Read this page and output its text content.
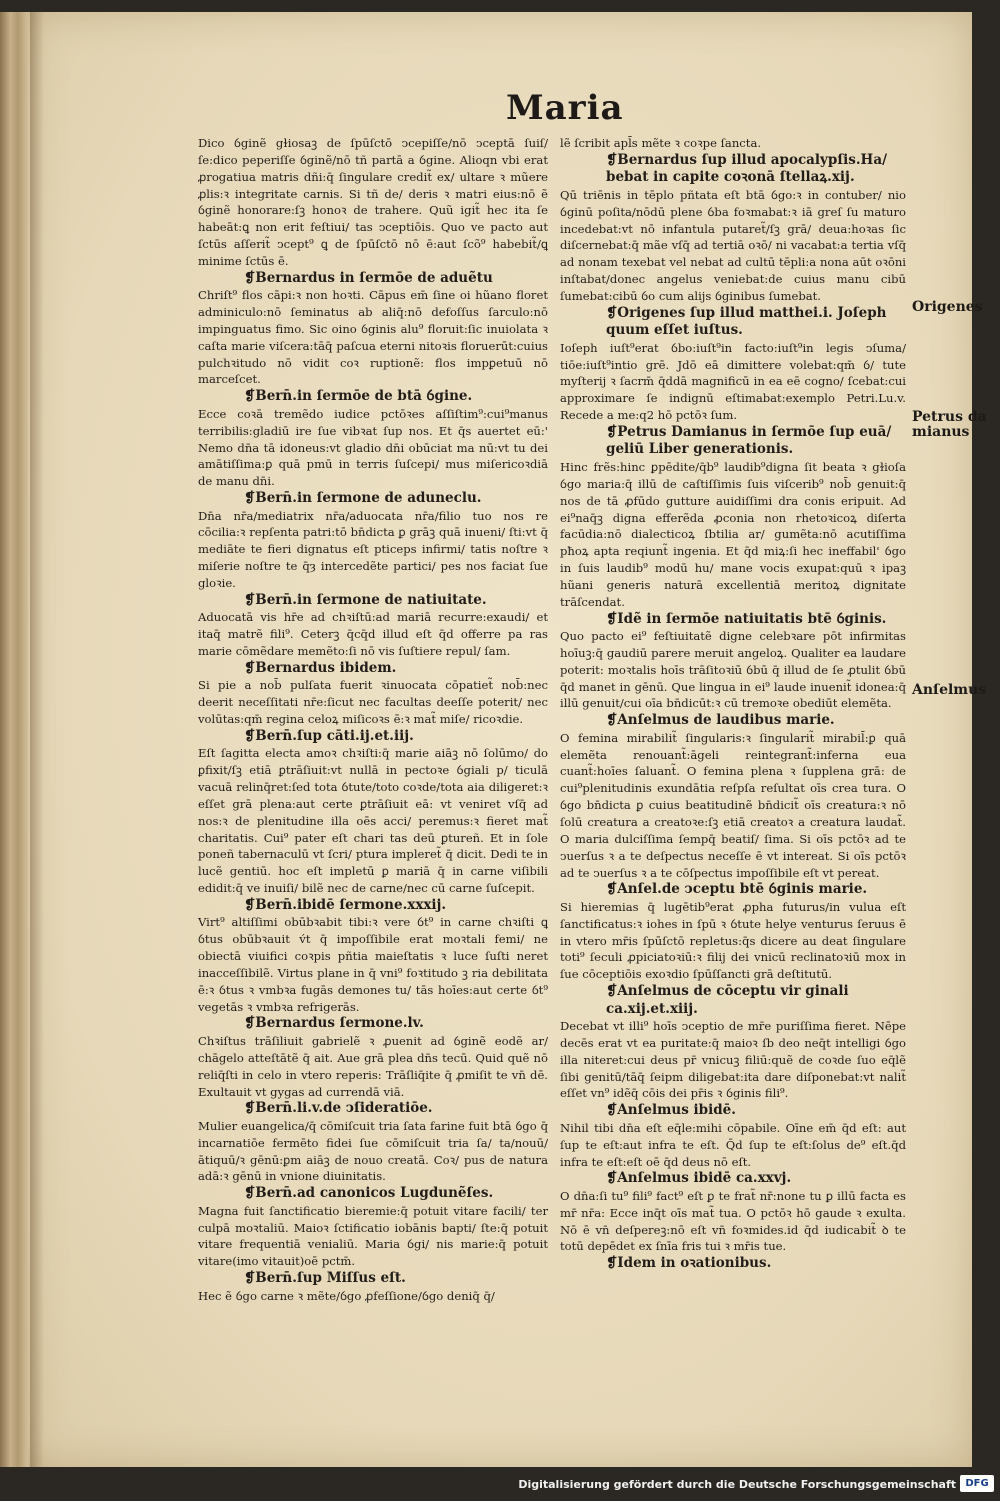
Maria

Dico ỽginẽ gɫiosaꝫ de ſpūſctō ↄcepiſſe/nō ↄceptā ſuiſ/ ſe:dico peperiſſe ỽginẽ/nō tñ partā a ỽgine. Alioqn vbi erat ꝓrogatiua matris dñi:q̄ ſingulare credit̃ ex/ ultare ꝛ mũere ꝓlis:ꝛ integritate carnis. Si tñ de/ deris ꝛ matri eius:nō ẽ ỽginẽ honorare:ſꝫ honoꝛ de trahere. Quũ igit̃ hec ita ſe habeāt:ꝗ non erit feſtiui/ tas ↄceptiōis. Quo ve pacto aut ſctūs aſſerit̃ ↄcept⁹ ꝗ de ſpūſctō nō ē:aut ſcõ⁹ habebit̃/ꝗ minime ſctūs ē.

❡Bernardus in ſermōe de aduẽtu

Chriſt⁹ flos cāpi:ꝛ non hoꝛti. Cāpus em̄ ſine oi hũano floret adminiculo:nō ſeminatus ab aliq̄:nō defoſſus ſarculo:nō impinguatus fimo. Sic oino ỽginis alu⁹ floruit:ſic inuiolata ꝛ caſta marie viſcera:tāq̄ paſcua eterni nitoꝛis floruerūt:cuius pulchꝛitudo nō vidit coꝛ ruptionẽ: flos impꝑetuū nō marceſcet.

❡Bern̄.in ſermōe de btā ỽgine.

Ecce coꝛā tremẽdo iudice pctōꝛes aſſiſtim⁹:cui⁹manus terribilis:gladiū ire ſue vibꝛat ſup nos. Et q̄s auertet eū:' Nemo dn̄a tā idoneus:vt gladio dn̄i obūciat ma nū:vt tu dei amātiſſima:ꝑ quā pmū in terris ſuſcepi/ mus miſericoꝛdiā de manu dn̄i.

❡Bern̄.in ſermone de aduneclu.

Dn̄a nr̄a/mediatrix nr̄a/aduocata nr̄a/filio tuo nos re cōcilia:ꝛ repſenta patri:tō bn̄dicta ꝑ grāꝫ quā inueni/ ſti:vt q̄ mediāte te fieri dignatus eſt pticeps infirmi/ tatis noſtre ꝛ miſerie noſtre te q̄ȝ intercedẽte partici/ pes nos faciat ſue gloꝛie.

❡Bern̄.in ſermone de natiuitate.

Aduocatā vis hr̄e ad chꝛiſtū:ad mariā recurre:exaudi/ et itaq̄ matrẽ fili⁹. Ceterꝫ q̄cq̄d illud eſt q̄d offerre pa ras marie cōmẽdare memẽto:ſi nō vis ſuſtiere repul/ ſam.

❡Bernardus ibidem.

Si pie a nob̄ pulſata fuerit ꝛinuocata cōpatiet̃ nob̄:nec deerit neceſſitati nr̄e:ſicut nec facultas deeſſe poterit/ nec volūtas:qm̄ regina celoꝝ miſicoꝛs ē:ꝛ mat̃ miſe/ ricoꝛdie.

❡Bern̄.ſup cāti.ij.et.iij.

Eſt ſagitta electa amoꝛ chꝛiſti:q̄ marie aiāꝫ nō ſolūmo/ do ꝑfixit/ſꝫ etiā ꝑtrāſiuit:vt nullā in pectoꝛe ỽgiali p/ ticulā vacuā relinq̄ret:ſed tota ỽtute/toto coꝛde/tota aia diligeret:ꝛ eſſet grā plena:aut certe ꝑtrāſiuit eā: vt veniret vſq̄ ad nos:ꝛ de plenitudine illa oēs acci/ peremus:ꝛ fieret mat̃ charitatis. Cui⁹ pater eſt chari tas deū ꝑtureñ. Et in ſole poneñ tabernaculū vt ſcri/ ptura impleret̃ q̄ dicit. Dedi te in lucẽ gentiū. hoc eſt impletū ꝑ mariā q̄ in carne viſibili edidit:q̄ ve inuiſi/ bilẽ nec de carne/nec cū carne ſuſcepit.

❡Bern̄.ibidē ſermone.xxxij.

Virt⁹ altiſſimi obūbꝛabit tibi:ꝛ vere ỽt⁹ in carne chꝛiſti ꝗ ỽtus obūbꝛauit v́t q̄ impoſſibile erat moꝛtali femi/ ne obiectā viuifici coꝛpis pñtia maieſtatis ꝛ luce ſuſti neret inacceſſibilẽ. Virtus plane in q̄ vni⁹ foꝛtitudo ꝫ ria debilitata ē:ꝛ ỽtus ꝛ vmbꝛa fugās demones tu/ tās hoīes:aut certe ỽt⁹ vegetās ꝛ vmbꝛa refrigerās.

❡Bernardus ſermone.lv.

Chꝛiſtus trāſiliuit gabrielẽ ꝛ ꝓuenit ad ỽginẽ eodẽ ar/ chāgelo atteſtātẽ q̄ ait. Aue grā plea dn̄s tecū. Quid quẽ nō reliq̄ſti in celo in vtero reperis: Trāſliq̄ite q̄ ꝓmiſit te vn̄ dē. Exultauit vt gygas ad currendā viā.

❡Bern̄.li.v.de ↄſideratiōe.

Mulier euangelica/q̄ cōmiſcuit tria ſata farine fuit btā ỽgo q̄ incarnatiōe fermēto fidei ſue cōmiſcuit tria ſa/ ta/nouū/ātiquū/ꝛ gēnū:ꝑm aiāꝫ de nouo creatā. Coꝛ/ pus de natura adā:ꝛ gēnū in vnione diuinitatis.

❡Bern̄.ad canonicos Lugdunẽſes.

Magna fuit ſanctificatio bieremie:q̄ potuit vitare facili/ ter culpā moꝛtaliū. Maioꝛ ſctificatio iobānis bapti/ ſte:q̄ potuit vitare frequentiā venialiū. Maria ỽgi/ nis marie:q̄ potuit vitare(imo vitauit)oē pctm̄.

❡Bern̄.ſup Miſſus eſt.

Hec ẽ ỽgo carne ꝛ mẽte/ỽgo ꝓfeſſione/ỽgo deniq̄ q̄/

lẽ ſcribit apl̄s mẽte ꝛ coꝛpe ſancta.

❡Bernardus ſup illud apocalypſis.Ha/ bebat in capite coꝛonā ſtellaꝝ.xij.

Qū triēnis in tēplo pñtata eſt btā ỽgo:ꝛ in contuber/ nio ỽginū poſita/nōdū plene ỽba foꝛmabat:ꝛ iā greſ ſu maturo incedebat:vt nō infantula putaret̃/ſꝫ grā/ deua:hoꝛas ſic diſcernebat:q̄ mãe vſq̄ ad tertiā oꝛō/ ni vacabat:a tertia vſq̄ ad nonam texebat vel nebat ad cultū tēpli:a nona aūt oꝛōni inſtabat/donec angelus veniebat:de cuius manu cibū ſumebat:cibū ỽo cum alijs ỽginibus ſumebat.

❡Origenes ſup illud matthei.i. Joſeph quum eſſet iuſtus.

Ioſeph iuſt⁹erat ỽbo:iuſt⁹in facto:iuſt⁹in legis ↄſuma/ tiōe:iuſt⁹intio grē. Jdō eā dimittere volebat:qm̄ ỽ/ tute myſterij ꝛ ſacrm̄ q̄ddā magnificū in ea eē cogno/ ſcebat:cui approximare ſe indignū eſtimabat:exemplo Petri.Lu.v. Recede a me:q2 hō pctōꝛ ſum.

❡Petrus Damianus in ſermōe ſup euā/ geliū Liber generationis.

Hinc frẽs:hinc ꝑpēdite/q̄b⁹ laudib⁹digna ſit beata ꝛ gɫioſa ỽgo maria:q̄ illū de caſtiſſimis ſuis viſcerib⁹ nob̄ genuit:q̄ nos de tā ꝓfūdo gutture auidiſſimi dra conis eripuit. Ad ei⁹naq̄ꝫ digna efferẽda ꝓconia non rhetoꝛicoꝝ diſerta facūdia:nō dialecticoꝝ ſbtilia ar/ gumẽta:nō acutiſſima pħoꝝ apta reqiunt̃ ingenia. Et q̄d miꝝ:ſi hec ineffabil' ỽgo in ſuis laudib⁹ modū hu/ mane vocis exupat:quū ꝛ ipaꝫ hũani generis naturā excellentiā meritoꝝ dignitate trāſcendat.

❡Idẽ in ſermōe natiuitatis btē ỽginis.

Quo pacto ei⁹ feſtiuitatẽ digne celebꝛare pōt infirmitas hoīuꝫ:q̄ gaudiū parere meruit angeloꝝ. Qualiter ea laudare poterit: moꝛtalis hoīs trāſitoꝛiū ỽbū q̄ illud de ſe ꝓtulit ỽbū q̄d manet in gēnū. Que lingua in ei⁹ laude inuenit̃ idonea:q̄ illū genuit/cui oīa bn̄dicūt:ꝛ cū tremoꝛe obediūt elemẽta.

❡Anſelmus de laudibus marie.

O femina mirabilit̃ ſingularis:ꝛ ſingularit̃ mirabil̄:ꝑ quā elemẽta renouant̃:āgeli reintegrant̃:inferna eua cuant̃:hoīes ſaluant̃. O femina plena ꝛ ſupplena grā: de cui⁹plenitudinis exundātia reſpſa reſultat oīs crea tura. O ỽgo bn̄dicta ꝑ cuius beatitudinẽ bn̄dicit̃ oīs creatura:ꝛ nō ſolū creatura a creatoꝛe:ſꝫ etiā creatoꝛ a creatura laudat̃. O maria dulciſſima ſempq̄ beatiſ/ ſima. Si oīs pctōꝛ ad te ↄuerſus ꝛ a te deſpectus neceſſe ē vt intereat. Si oīs pctōꝛ ad te ↄuerſus ꝛ a te cōſpectus impoſſibile eſt vt pereat.

❡Anſel.de ↄceptu btē ỽginis marie.

Si hieremias q̄ lugētib⁹erat ꝓpha futurus/in vuluа eſt ſanctificatus:ꝛ iohes in ſpū ꝛ ỽtute helye venturus ſeruus ē in vtero mr̄is ſpūſctō repletus:q̄s dicere au deat ſingulare toti⁹ ſeculi ꝓpiciatoꝛiū:ꝛ filij dei vnicū reclinatoꝛiū mox in ſue cōceptiōis exoꝛdio ſpūſſancti grā deſtitutū.

❡Anſelmus de cōceptu vir ginali ca.xij.et.xiij.

Decebat vt illi⁹ hoīs ↄceptio de mr̄e puriſſima fieret. Nēpe decēs erat vt ea puritate:q̄ maioꝛ ſb deo neq̄t intelligi ỽgo illa niteret:cui deus pr̄ vnicuꝫ filiū:quẽ de coꝛde ſuo eq̄lẽ ſibi genitū/tāq̄ ſeipm diligebat:ita dare diſponebat:vt nalit̃ eſſet vn⁹ idẽq̄ cōis dei pr̄is ꝛ ỽginis fili⁹.

❡Anſelmus ibidē.

Nihil tibi dn̄a eſt eq̄le:mihi cōpabile. Oīne em̄ q̄d eſt: aut ſup te eſt:aut infra te eſt. Q̄d ſup te eſt:ſolus de⁹ eſt.q̄d infra te eſt:eſt oē q̄d deus nō eſt.

❡Anſelmus ibidē ca.xxvj.

O dn̄a:ſi tu⁹ fili⁹ fact⁹ eſt ꝑ te frat̃ nr̄:none tu ꝑ illū facta es mr̄ nr̄a: Ecce inq̄t oīs mat̃ tua. O pctōꝛ hō gaude ꝛ exulta. Nō ē vn̄ deſpereꝫ:nō eſt vn̄ foꝛmides.id q̄d iudicabit̃ ꝺ te totū depēdet ex ſnīa fris tui ꝛ mr̄is tue.

❡Idem in oꝛationibus.

Origenes
Petrus da mianus
Anſelmus
Digitalisierung gefördert durch die Deutsche Forschungsgemeinschaft DFG
